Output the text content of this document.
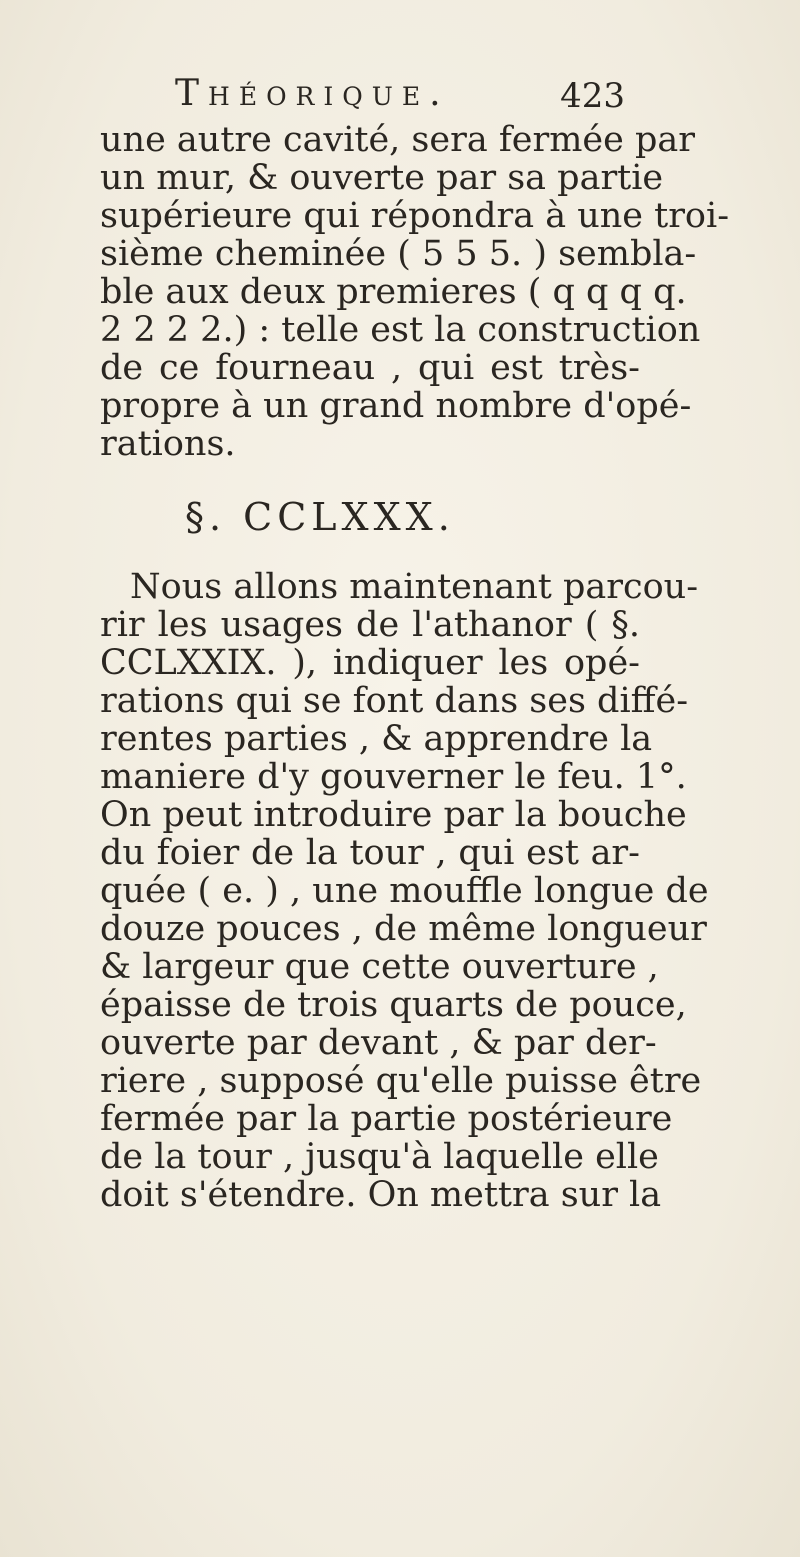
Théorique.	423
une autre cavité, sera fermée par
un mur, & ouverte par sa partie
supérieure qui répondra à une troi-
sième cheminée ( 5 5 5. ) sembla-
ble aux deux premieres ( q q q q.
2 2 2 2.) : telle est la construction
de ce fourneau , qui est très-
propre à un grand nombre d'opé-
rations.
§. CCLXXX.
Nous allons maintenant parcou-
rir les usages de l'athanor ( §.
CCLXXIX. ), indiquer les opé-
rations qui se font dans ses diffé-
rentes parties , & apprendre la
maniere d'y gouverner le feu. 1°.
On peut introduire par la bouche
du foier de la tour , qui est ar-
quée ( e. ) , une mouffle longue de
douze pouces , de même longueur
& largeur que cette ouverture ,
épaisse de trois quarts de pouce,
ouverte par devant , & par der-
riere , supposé qu'elle puisse être
fermée par la partie postérieure
de la tour , jusqu'à laquelle elle
doit s'étendre. On mettra sur la
